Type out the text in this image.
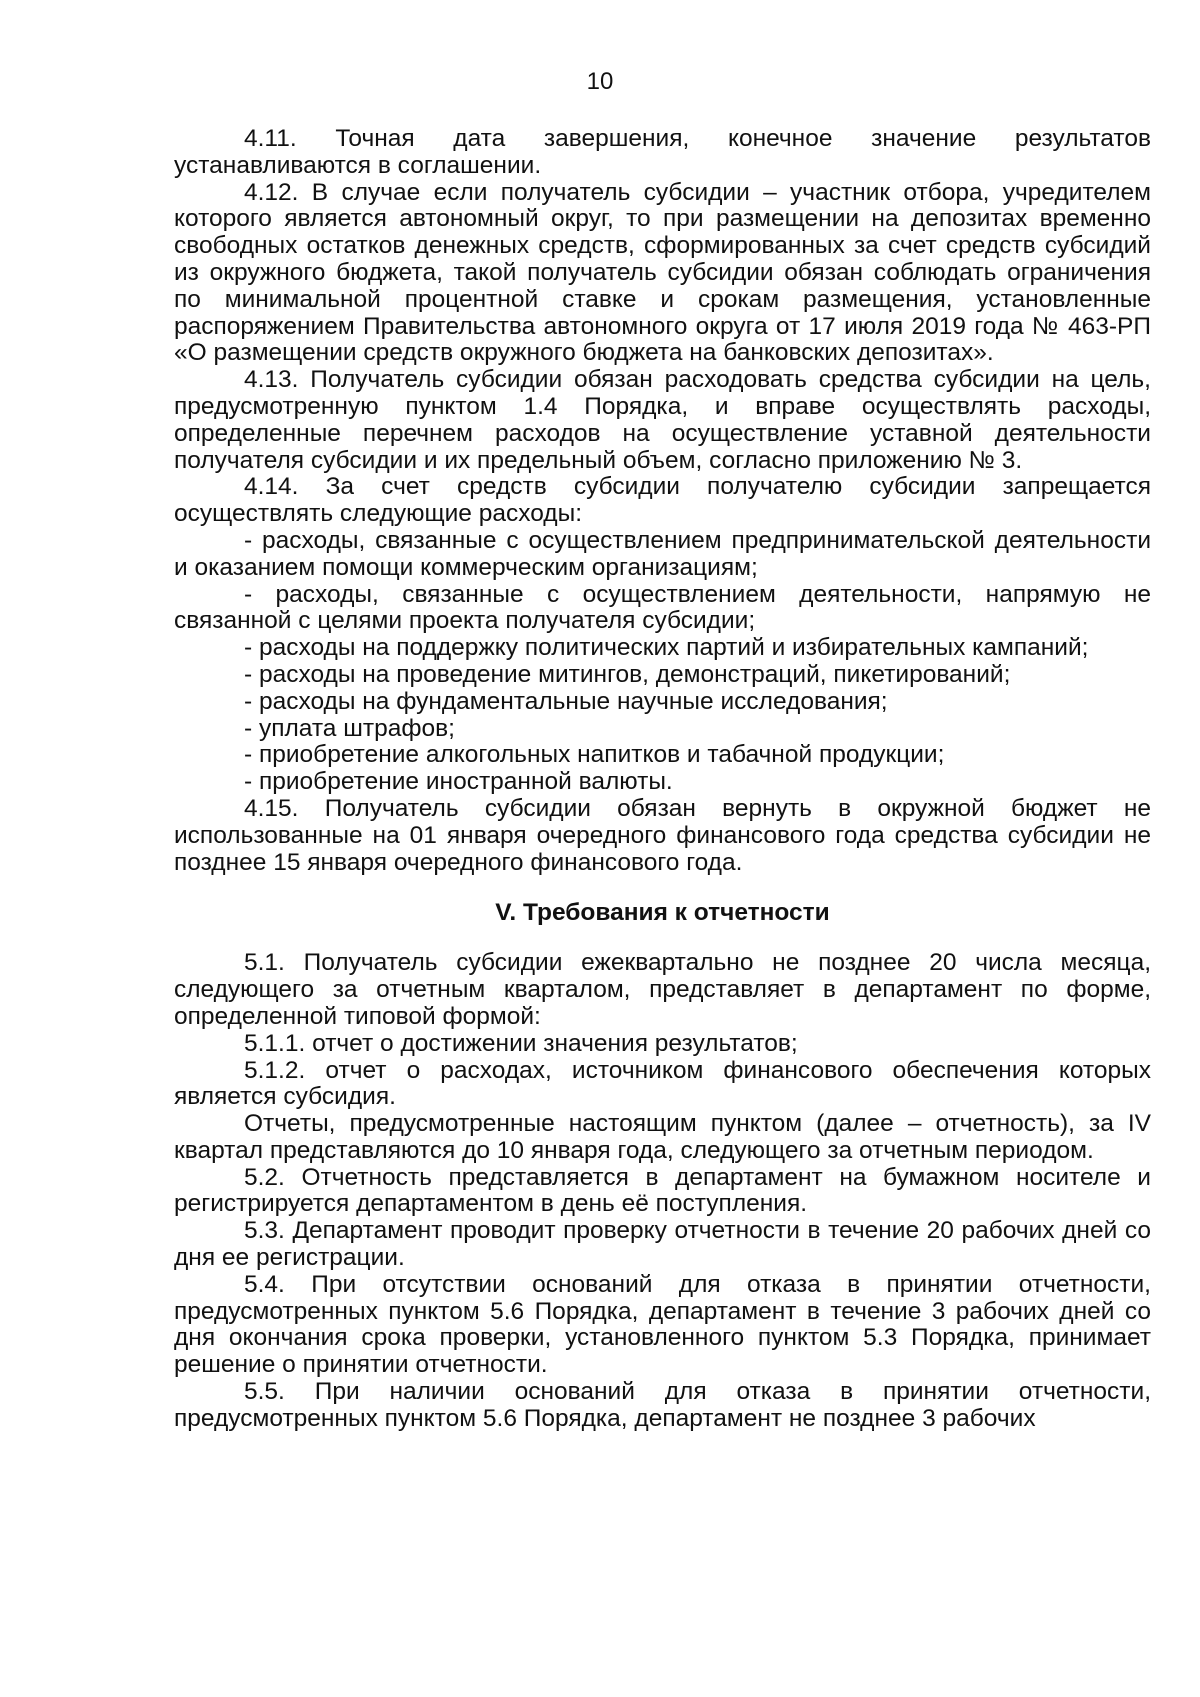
10

4.11. Точная дата завершения, конечное значение результатов устанавливаются в соглашении.

4.12. В случае если получатель субсидии – участник отбора, учредителем которого является автономный округ, то при размещении на депозитах временно свободных остатков денежных средств, сформированных за счет средств субсидий из окружного бюджета, такой получатель субсидии обязан соблюдать ограничения по минимальной процентной ставке и срокам размещения, установленные распоряжением Правительства автономного округа от 17 июля 2019 года № 463-РП «О размещении средств окружного бюджета на банковских депозитах».

4.13. Получатель субсидии обязан расходовать средства субсидии на цель, предусмотренную пунктом 1.4 Порядка, и вправе осуществлять расходы, определенные перечнем расходов на осуществление уставной деятельности получателя субсидии и их предельный объем, согласно приложению № 3.

4.14. За счет средств субсидии получателю субсидии запрещается осуществлять следующие расходы:

- расходы, связанные с осуществлением предпринимательской деятельности и оказанием помощи коммерческим организациям;

- расходы, связанные с осуществлением деятельности, напрямую не связанной с целями проекта получателя субсидии;

- расходы на поддержку политических партий и избирательных кампаний;

- расходы на проведение митингов, демонстраций, пикетирований;

- расходы на фундаментальные научные исследования;

- уплата штрафов;

- приобретение алкогольных напитков и табачной продукции;

- приобретение иностранной валюты.

4.15. Получатель субсидии обязан вернуть в окружной бюджет не использованные на 01 января очередного финансового года средства субсидии не позднее 15 января очередного финансового года.

V. Требования к отчетности

5.1. Получатель субсидии ежеквартально не позднее 20 числа месяца, следующего за отчетным кварталом, представляет в департамент по форме, определенной типовой формой:

5.1.1. отчет о достижении значения результатов;

5.1.2. отчет о расходах, источником финансового обеспечения которых является субсидия.

Отчеты, предусмотренные настоящим пунктом (далее – отчетность), за IV квартал представляются до 10 января года, следующего за отчетным периодом.

5.2. Отчетность представляется в департамент на бумажном носителе и регистрируется департаментом в день её поступления.

5.3. Департамент проводит проверку отчетности в течение 20 рабочих дней со дня ее регистрации.

5.4. При отсутствии оснований для отказа в принятии отчетности, предусмотренных пунктом 5.6 Порядка, департамент в течение 3 рабочих дней со дня окончания срока проверки, установленного пунктом 5.3 Порядка, принимает решение о принятии отчетности.

5.5. При наличии оснований для отказа в принятии отчетности, предусмотренных пунктом 5.6 Порядка, департамент не позднее 3 рабочих
